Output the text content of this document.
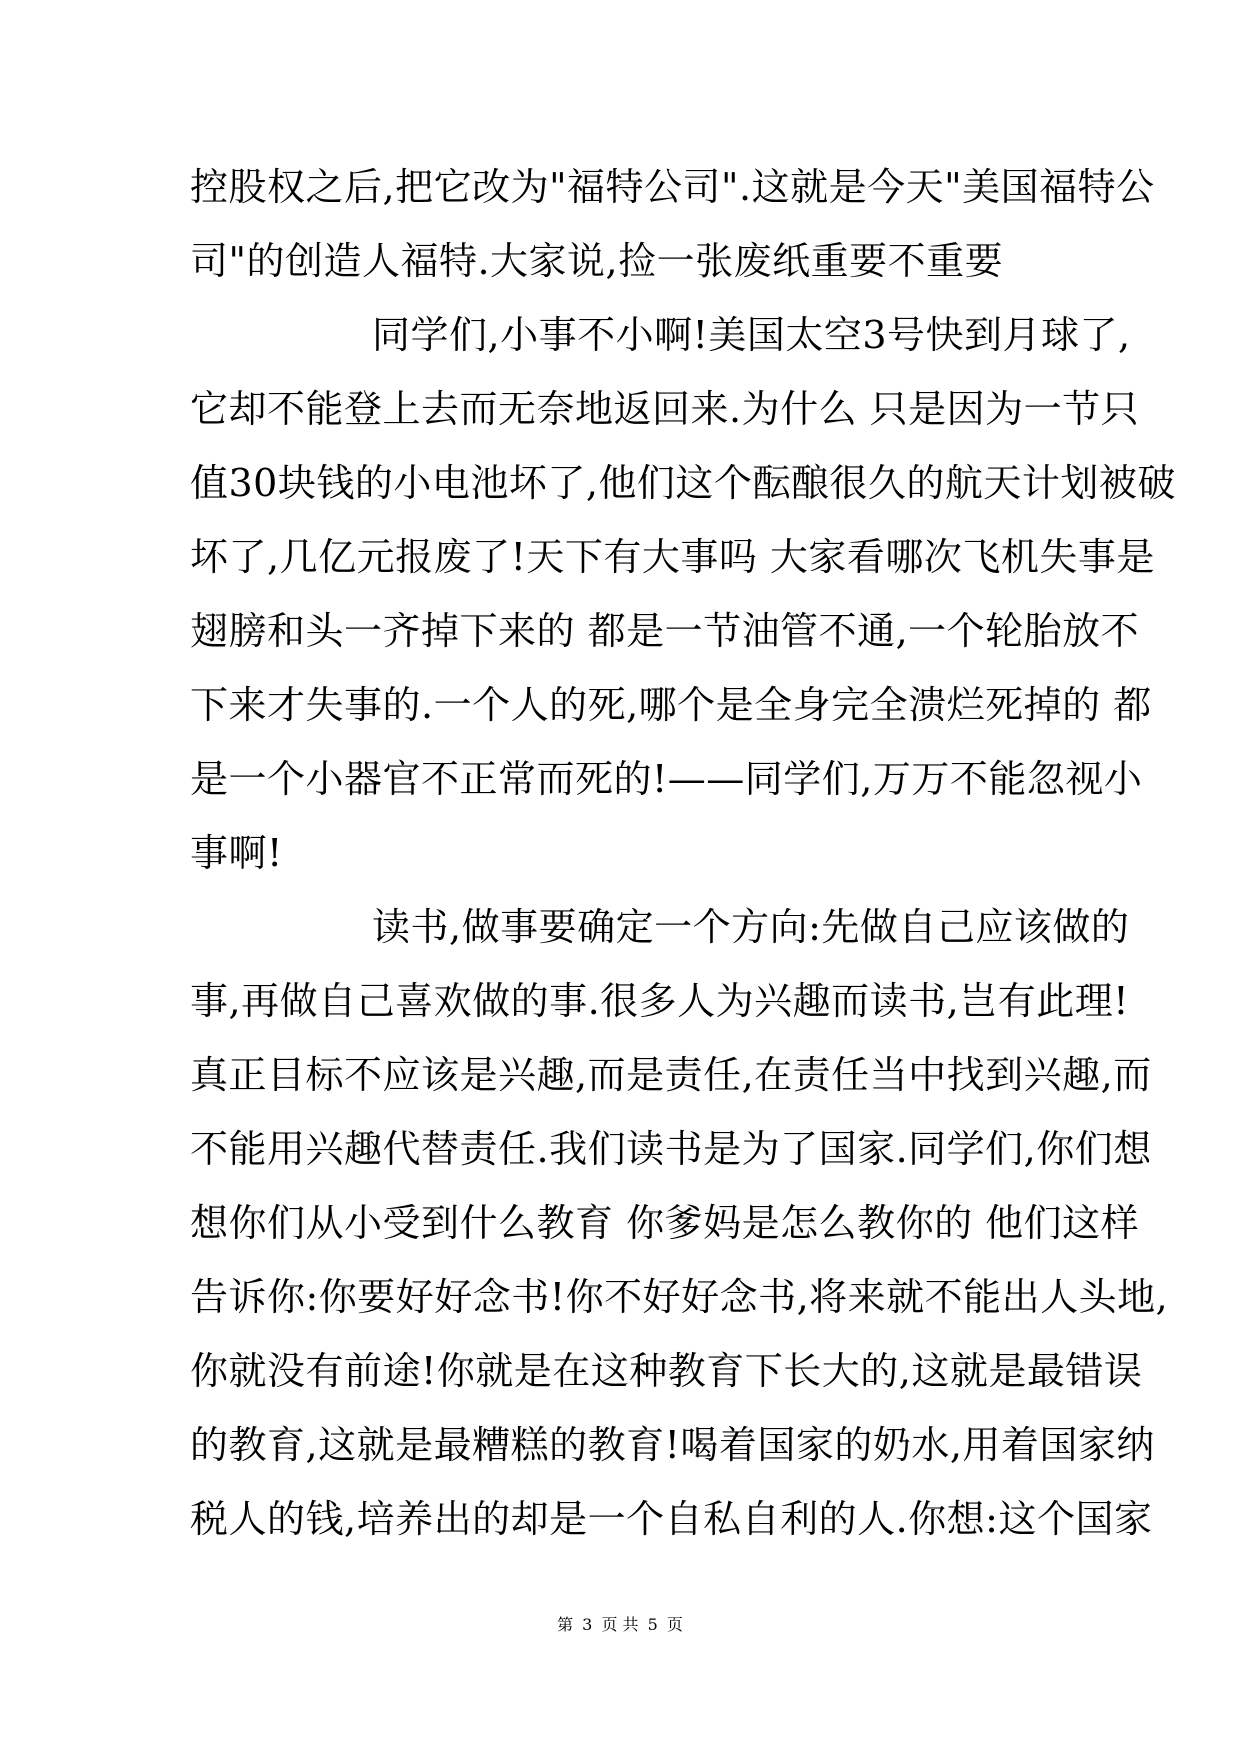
控股权之后,把它改为"福特公司".这就是今天"美国福特公
司"的创造人福特.大家说,捡一张废纸重要不重要
同学们,小事不小啊!美国太空3号快到月球了,
它却不能登上去而无奈地返回来.为什么 只是因为一节只
值30块钱的小电池坏了,他们这个酝酿很久的航天计划被破
坏了,几亿元报废了!天下有大事吗 大家看哪次飞机失事是
翅膀和头一齐掉下来的 都是一节油管不通,一个轮胎放不
下来才失事的.一个人的死,哪个是全身完全溃烂死掉的 都
是一个小器官不正常而死的!——同学们,万万不能忽视小
事啊!
读书,做事要确定一个方向:先做自己应该做的
事,再做自己喜欢做的事.很多人为兴趣而读书,岂有此理!
真正目标不应该是兴趣,而是责任,在责任当中找到兴趣,而
不能用兴趣代替责任.我们读书是为了国家.同学们,你们想
想你们从小受到什么教育 你爹妈是怎么教你的 他们这样
告诉你:你要好好念书!你不好好念书,将来就不能出人头地,
你就没有前途!你就是在这种教育下长大的,这就是最错误
的教育,这就是最糟糕的教育!喝着国家的奶水,用着国家纳
税人的钱,培养出的却是一个自私自利的人.你想:这个国家
第 3 页 共 5 页
